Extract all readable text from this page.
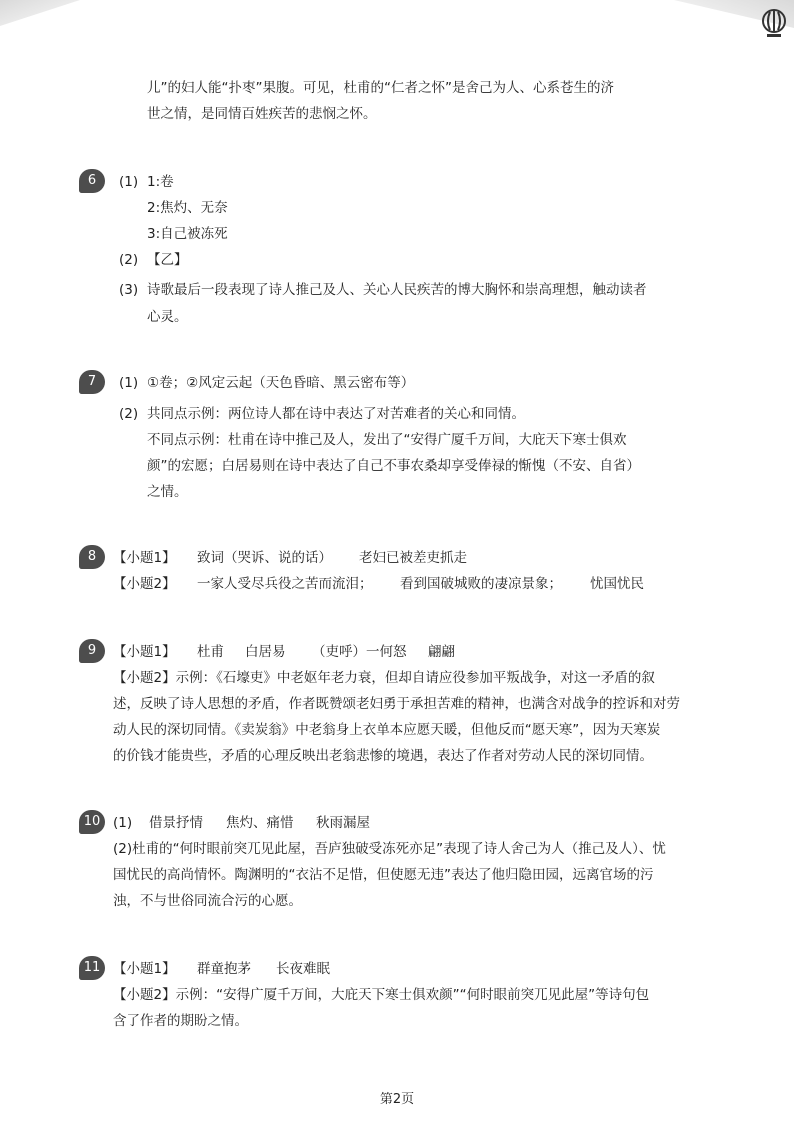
儿”的妇人能“扑枣”果腹。可见，杜甫的“仁者之怀”是舍己为人、心系苍生的济
世之情，是同情百姓疾苦的悲悯之怀。
6	(1) 1:卷
2:焦灼、无奈
3:自己被冻死
(2) 【乙】
(3) 诗歌最后一段表现了诗人推己及人、关心人民疾苦的博大胸怀和崇高理想，触动读者
心灵。
7	(1) ①卷；②风定云起（天色昏暗、黑云密布等）
(2) 共同点示例：两位诗人都在诗中表达了对苦难者的关心和同情。
不同点示例：杜甫在诗中推己及人，发出了“安得广厦千万间，大庇天下寒士俱欢
颜”的宏愿；白居易则在诗中表达了自己不事农桑却享受俸禄的惭愧（不安、自省）
之情。
8	【小题1】 致词（哭诉、说的话） 老妇已被差吏抓走
【小题2】 一家人受尽兵役之苦而流泪； 看到国破城败的凄凉景象； 忧国忧民
9	【小题1】 杜甫 白居易 （吏呼）一何怒 翩翩
【小题2】示例：《石壕吏》中老妪年老力衰，但却自请应役参加平叛战争，对这一矛盾的叙
述，反映了诗人思想的矛盾，作者既赞颂老妇勇于承担苦难的精神，也满含对战争的控诉和对劳
动人民的深切同情。《卖炭翁》中老翁身上衣单本应愿天暖，但他反而“愿天寒”，因为天寒炭
的价钱才能贵些，矛盾的心理反映出老翁悲惨的境遇，表达了作者对劳动人民的深切同情。
10 (1) 借景抒情 焦灼、痛惜 秋雨漏屋
(2)杜甫的“何时眼前突兀见此屋，吾庐独破受冻死亦足”表现了诗人舍己为人（推己及人）、忧
国忧民的高尚情怀。陶渊明的“衣沾不足惜，但使愿无违”表达了他归隐田园，远离官场的污
浊，不与世俗同流合污的心愿。
11 【小题1】 群童抱茅 长夜难眠
【小题2】示例：“安得广厦千万间，大庇天下寒士俱欢颜”“何时眼前突兀见此屋”等诗句包
含了作者的期盼之情。
第2页
